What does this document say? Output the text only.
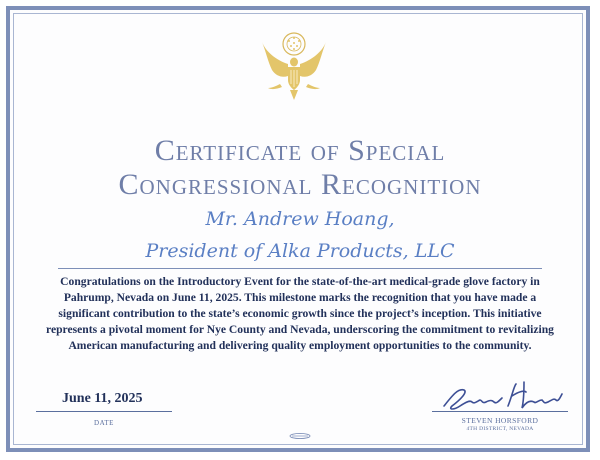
Certificate of Special
Congressional Recognition
Mr. Andrew Hoang,
President of Alka Products, LLC

Congratulations on the Introductory Event for the state-of-the-art medical-grade glove factory in Pahrump, Nevada on June 11, 2025. This milestone marks the recognition that you have made a significant contribution to the state’s economic growth since the project’s inception. This initiative represents a pivotal moment for Nye County and Nevada, underscoring the commitment to revitalizing American manufacturing and delivering quality employment opportunities to the community.

June 11, 2025
DATE	STEVEN HORSFORD
4TH DISTRICT, NEVADA
